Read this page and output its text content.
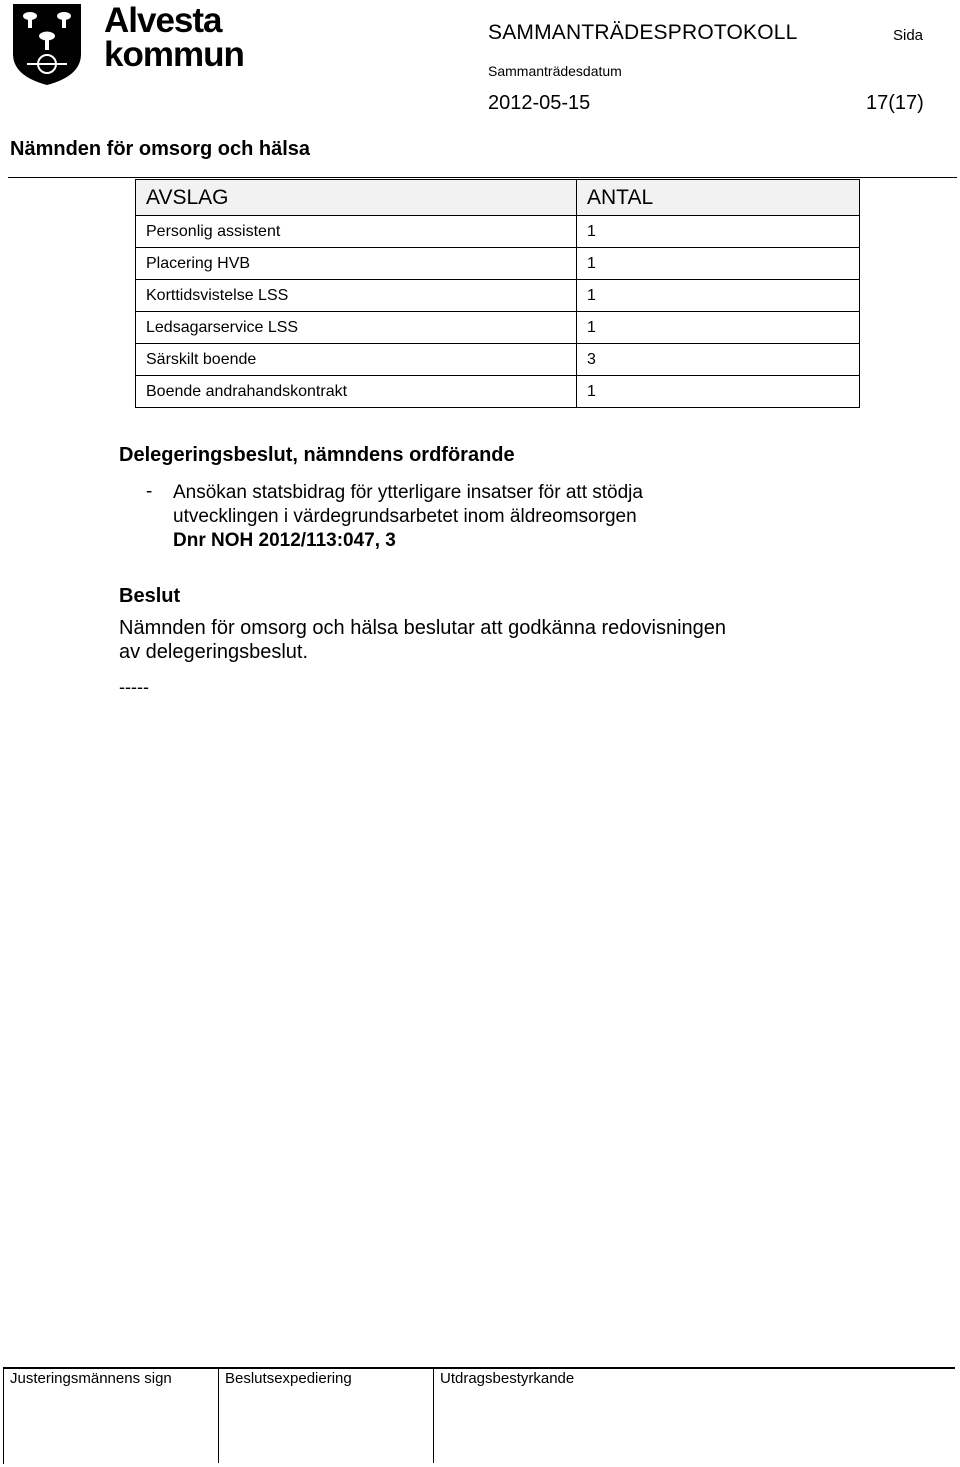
Alvesta
kommun
SAMMANTRÄDESPROTOKOLL	Sida
Sammanträdesdatum
2012-05-15	17(17)
Nämnden för omsorg och hälsa
AVSLAG	ANTAL
Personlig assistent	1
Placering HVB	1
Korttidsvistelse LSS	1
Ledsagarservice LSS	1
Särskilt boende	3
Boende andrahandskontrakt	1
Delegeringsbeslut, nämndens ordförande
- Ansökan statsbidrag för ytterligare insatser för att stödja
utvecklingen i värdegrundsarbetet inom äldreomsorgen
Dnr NOH 2012/113:047, 3
Beslut
Nämnden för omsorg och hälsa beslutar att godkänna redovisningen
av delegeringsbeslut.
-----
Justeringsmännens sign	Beslutsexpediering	Utdragsbestyrkande
